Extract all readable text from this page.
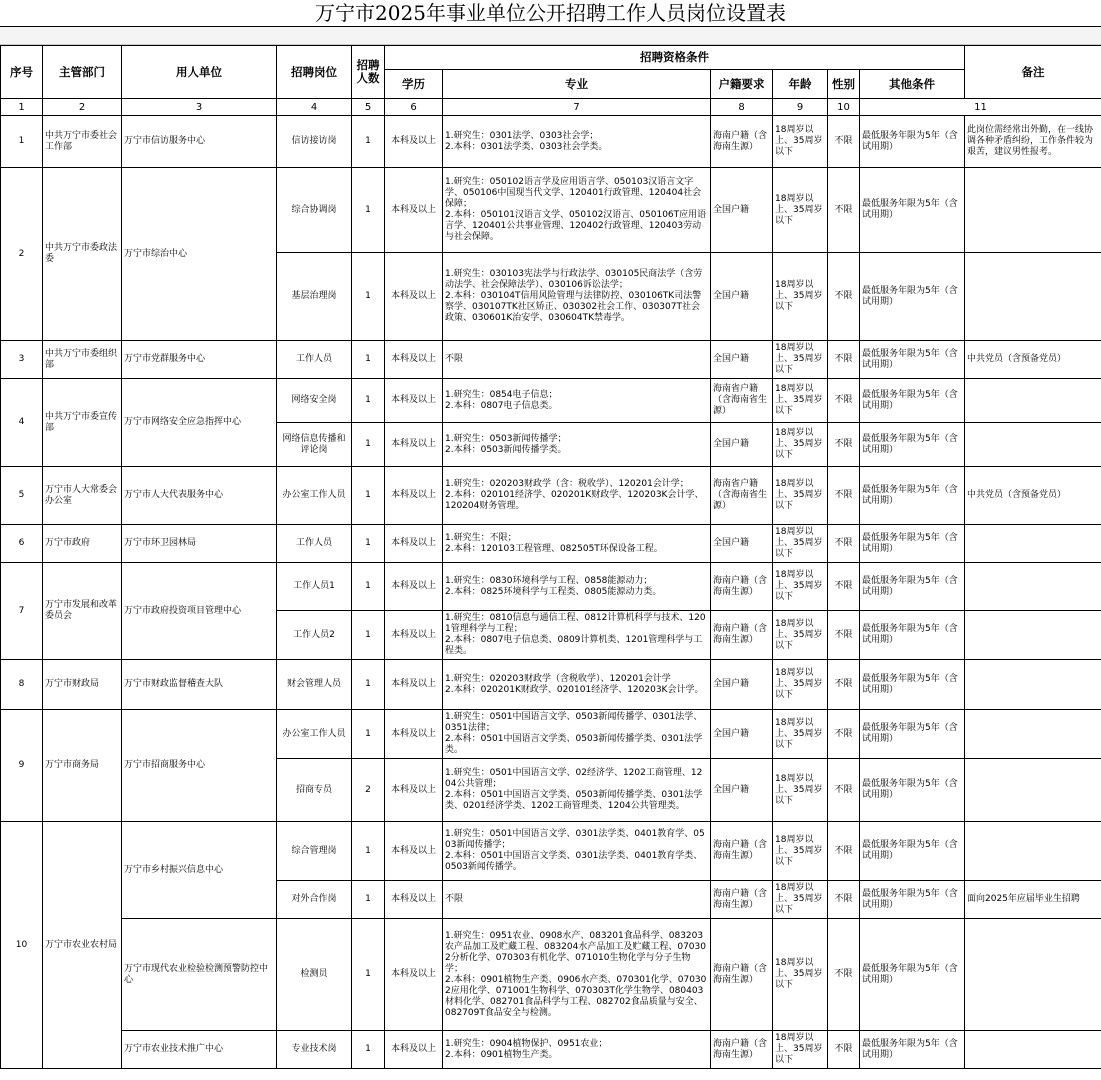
万宁市2025年事业单位公开招聘工作人员岗位设置表
序号	主管部门	用人单位	招聘岗位	招聘人数	招聘资格条件						备注
					学历	专业	户籍要求	年龄	性别	其他条件	
1	2	3	4	5	6	7	8	9	10	11	
1	中共万宁市委社会工作部	万宁市信访服务中心	信访接访岗	1	本科及以上	1.研究生：0301法学、0303社会学；
2.本科：0301法学类、0303社会学类。	海南户籍（含海南生源）	18周岁以上、35周岁以下	不限	最低服务年限为5年（含试用期）	此岗位需经常出外勤，在一线协调各种矛盾纠纷，工作条件较为艰苦，建议男性报考。
2	中共万宁市委政法委	万宁市综治中心	综合协调岗	1	本科及以上	1.研究生：050102语言学及应用语言学、050103汉语言文字学、050106中国现当代文学、120401行政管理、120404社会保障；
2.本科：050101汉语言文学、050102汉语言、050106T应用语言学、120401公共事业管理、120402行政管理、120403劳动与社会保障。	全国户籍	18周岁以上、35周岁以下	不限	最低服务年限为5年（含试用期）	
			基层治理岗	1	本科及以上	1.研究生：030103宪法学与行政法学、030105民商法学（含劳动法学、社会保障法学）、030106诉讼法学；
2.本科：030104T信用风险管理与法律防控、030106TK司法警察学、030107TK社区矫正、030302社会工作、030307T社会政策、030601K治安学、030604TK禁毒学。	全国户籍	18周岁以上、35周岁以下	不限	最低服务年限为5年（含试用期）	
3	中共万宁市委组织部	万宁市党群服务中心	工作人员	1	本科及以上	不限	全国户籍	18周岁以上、35周岁以下	不限	最低服务年限为5年（含试用期）	中共党员（含预备党员）
4	中共万宁市委宣传部	万宁市网络安全应急指挥中心	网络安全岗	1	本科及以上	1.研究生：0854电子信息；
2.本科：0807电子信息类。	海南省户籍（含海南省生源）	18周岁以上、35周岁以下	不限	最低服务年限为5年（含试用期）	
			网络信息传播和评论岗	1	本科及以上	1.研究生：0503新闻传播学；
2.本科：0503新闻传播学类。	全国户籍	18周岁以上、35周岁以下	不限	最低服务年限为5年（含试用期）	
5	万宁市人大常委会办公室	万宁市人大代表服务中心	办公室工作人员	1	本科及以上	1.研究生：020203财政学（含：税收学）、120201会计学；
2.本科：020101经济学、020201K财政学、120203K会计学、120204财务管理。	海南省户籍（含海南省生源）	18周岁以上、35周岁以下	不限	最低服务年限为5年（含试用期）	中共党员（含预备党员）
6	万宁市政府	万宁市环卫园林局	工作人员	1	本科及以上	1.研究生：不限；
2.本科：120103工程管理、082505T环保设备工程。	全国户籍	18周岁以上、35周岁以下	不限	最低服务年限为5年（含试用期）	
7	万宁市发展和改革委员会	万宁市政府投资项目管理中心	工作人员1	1	本科及以上	1.研究生：0830环境科学与工程、0858能源动力；
2.本科：0825环境科学与工程类、0805能源动力类。	海南户籍（含海南生源）	18周岁以上、35周岁以下	不限	最低服务年限为5年（含试用期）	
			工作人员2	1	本科及以上	1.研究生：0810信息与通信工程、0812计算机科学与技术、1201管理科学与工程；
2.本科：0807电子信息类、0809计算机类、1201管理科学与工程类。	海南户籍（含海南生源）	18周岁以上、35周岁以下	不限	最低服务年限为5年（含试用期）	
8	万宁市财政局	万宁市财政监督稽查大队	财会管理人员	1	本科及以上	1.研究生：020203财政学（含税收学）、120201会计学
2.本科：020201K财政学、020101经济学、120203K会计学。	全国户籍	18周岁以上、35周岁以下	不限	最低服务年限为5年（含试用期）	
9	万宁市商务局	万宁市招商服务中心	办公室工作人员	1	本科及以上	1.研究生：0501中国语言文学、0503新闻传播学、0301法学、0351法律；
2.本科：0501中国语言文学类、0503新闻传播学类、0301法学类。	全国户籍	18周岁以上、35周岁以下	不限	最低服务年限为5年（含试用期）	
			招商专员	2	本科及以上	1.研究生：0501中国语言文学、02经济学、1202工商管理、1204公共管理；
2.本科：0501中国语言文学类、0503新闻传播学类、0301法学类、0201经济学类、1202工商管理类、1204公共管理类。	全国户籍	18周岁以上、35周岁以下	不限	最低服务年限为5年（含试用期）	
10	万宁市农业农村局	万宁市乡村振兴信息中心	综合管理岗	1	本科及以上	1.研究生：0501中国语言文学、0301法学类、0401教育学、0503新闻传播学；
2.本科：0501中国语言文学类、0301法学类、0401教育学类、0503新闻传播学。	海南户籍（含海南生源）	18周岁以上、35周岁以下	不限	最低服务年限为5年（含试用期）	
			对外合作岗	1	本科及以上	不限	海南户籍（含海南生源）	18周岁以上、35周岁以下	不限	最低服务年限为5年（含试用期）	面向2025年应届毕业生招聘
		万宁市现代农业检验检测预警防控中心	检测员	1	本科及以上	1.研究生：0951农业、0908水产、083201食品科学、083203农产品加工及贮藏工程、083204水产品加工及贮藏工程、070302分析化学、070303有机化学、071010生物化学与分子生物学；
2.本科：0901植物生产类、0906水产类、070301化学、070302应用化学、071001生物科学、070303T化学生物学、080403材料化学、082701食品科学与工程、082702食品质量与安全、082709T食品安全与检测。	海南户籍（含海南生源）	18周岁以上、35周岁以下	不限	最低服务年限为5年（含试用期）	
		万宁市农业技术推广中心	专业技术岗	1	本科及以上	1.研究生：0904植物保护、0951农业；
2.本科：0901植物生产类。	海南户籍（含海南生源）	18周岁以上、35周岁以下	不限	最低服务年限为5年（含试用期）	
